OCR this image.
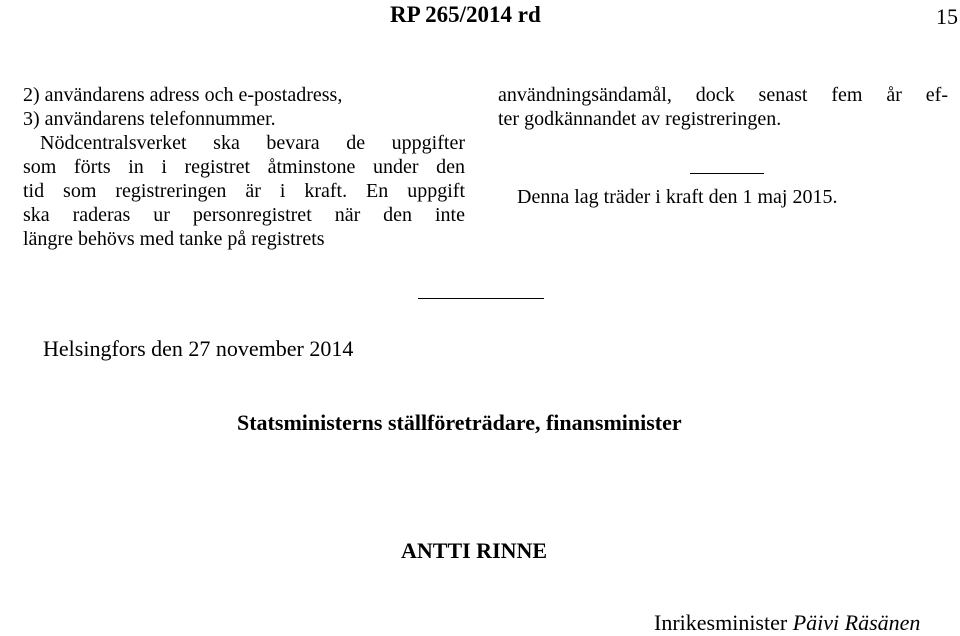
RP 265/2014 rd	15
2) användarens adress och e-postadress,
3) användarens telefonnummer.
Nödcentralsverket ska bevara de uppgifter
som förts in i registret åtminstone under den
tid som registreringen är i kraft. En uppgift
ska raderas ur personregistret när den inte
längre behövs med tanke på registrets
användningsändamål, dock senast fem år ef-
ter godkännandet av registreringen.
Denna lag träder i kraft den 1 maj 2015.
Helsingfors den 27 november 2014
Statsministerns ställföreträdare, finansminister
ANTTI RINNE
Inrikesminister Päivi Räsänen
